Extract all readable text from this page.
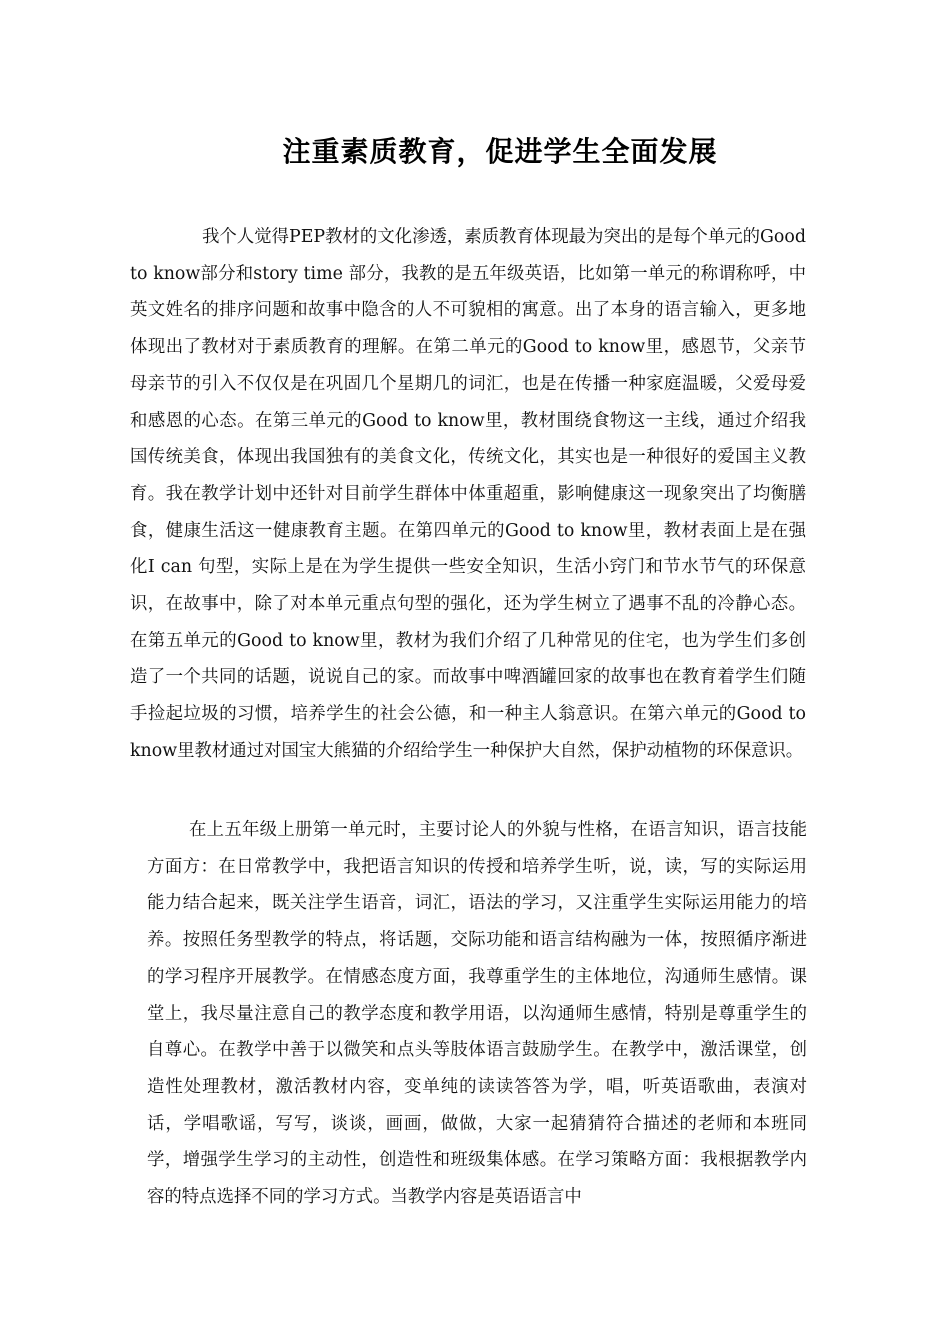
注重素质教育，促进学生全面发展

我个人觉得PEP教材的文化渗透，素质教育体现最为突出的是每个单元的Good to know部分和story time 部分，我教的是五年级英语，比如第一单元的称谓称呼，中英文姓名的排序问题和故事中隐含的人不可貌相的寓意。出了本身的语言输入，更多地体现出了教材对于素质教育的理解。在第二单元的Good to know里，感恩节，父亲节母亲节的引入不仅仅是在巩固几个星期几的词汇，也是在传播一种家庭温暖，父爱母爱和感恩的心态。在第三单元的Good to know里，教材围绕食物这一主线，通过介绍我国传统美食，体现出我国独有的美食文化，传统文化，其实也是一种很好的爱国主义教育。我在教学计划中还针对目前学生群体中体重超重，影响健康这一现象突出了均衡膳食，健康生活这一健康教育主题。在第四单元的Good to know里，教材表面上是在强化I can 句型，实际上是在为学生提供一些安全知识，生活小窍门和节水节气的环保意识，在故事中，除了对本单元重点句型的强化，还为学生树立了遇事不乱的冷静心态。在第五单元的Good to know里，教材为我们介绍了几种常见的住宅，也为学生们多创造了一个共同的话题，说说自己的家。而故事中啤酒罐回家的故事也在教育着学生们随手捡起垃圾的习惯，培养学生的社会公德，和一种主人翁意识。在第六单元的Good to know里教材通过对国宝大熊猫的介绍给学生一种保护大自然，保护动植物的环保意识。

在上五年级上册第一单元时，主要讨论人的外貌与性格，在语言知识，语言技能方面方：在日常教学中，我把语言知识的传授和培养学生听，说，读，写的实际运用能力结合起来，既关注学生语音，词汇，语法的学习，又注重学生实际运用能力的培养。按照任务型教学的特点，将话题，交际功能和语言结构融为一体，按照循序渐进的学习程序开展教学。在情感态度方面，我尊重学生的主体地位，沟通师生感情。课堂上，我尽量注意自己的教学态度和教学用语，以沟通师生感情，特别是尊重学生的自尊心。在教学中善于以微笑和点头等肢体语言鼓励学生。在教学中，激活课堂，创造性处理教材，激活教材内容，变单纯的读读答答为学，唱，听英语歌曲，表演对话，学唱歌谣，写写，谈谈，画画，做做，大家一起猜猜符合描述的老师和本班同学，增强学生学习的主动性，创造性和班级集体感。在学习策略方面：我根据教学内容的特点选择不同的学习方式。当教学内容是英语语言中
